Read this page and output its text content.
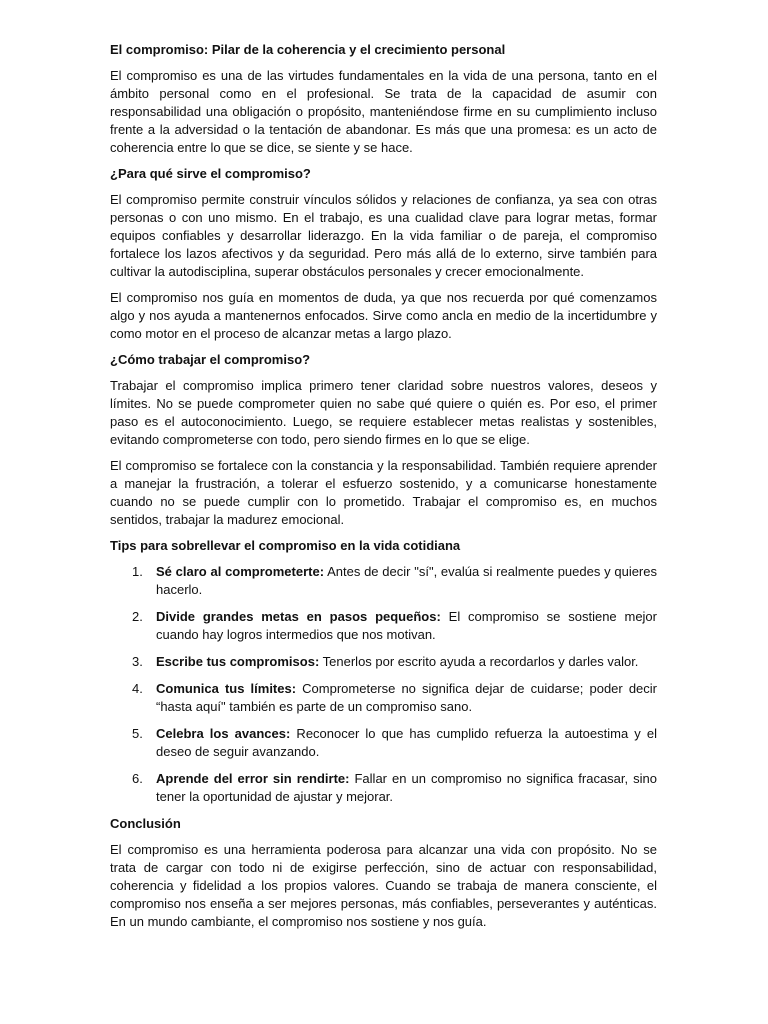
El compromiso: Pilar de la coherencia y el crecimiento personal

El compromiso es una de las virtudes fundamentales en la vida de una persona, tanto en el ámbito personal como en el profesional. Se trata de la capacidad de asumir con responsabilidad una obligación o propósito, manteniéndose firme en su cumplimiento incluso frente a la adversidad o la tentación de abandonar. Es más que una promesa: es un acto de coherencia entre lo que se dice, se siente y se hace.

¿Para qué sirve el compromiso?

El compromiso permite construir vínculos sólidos y relaciones de confianza, ya sea con otras personas o con uno mismo. En el trabajo, es una cualidad clave para lograr metas, formar equipos confiables y desarrollar liderazgo. En la vida familiar o de pareja, el compromiso fortalece los lazos afectivos y da seguridad. Pero más allá de lo externo, sirve también para cultivar la autodisciplina, superar obstáculos personales y crecer emocionalmente.

El compromiso nos guía en momentos de duda, ya que nos recuerda por qué comenzamos algo y nos ayuda a mantenernos enfocados. Sirve como ancla en medio de la incertidumbre y como motor en el proceso de alcanzar metas a largo plazo.

¿Cómo trabajar el compromiso?

Trabajar el compromiso implica primero tener claridad sobre nuestros valores, deseos y límites. No se puede comprometer quien no sabe qué quiere o quién es. Por eso, el primer paso es el autoconocimiento. Luego, se requiere establecer metas realistas y sostenibles, evitando comprometerse con todo, pero siendo firmes en lo que se elige.

El compromiso se fortalece con la constancia y la responsabilidad. También requiere aprender a manejar la frustración, a tolerar el esfuerzo sostenido, y a comunicarse honestamente cuando no se puede cumplir con lo prometido. Trabajar el compromiso es, en muchos sentidos, trabajar la madurez emocional.

Tips para sobrellevar el compromiso en la vida cotidiana
1. Sé claro al comprometerte: Antes de decir "sí", evalúa si realmente puedes y quieres hacerlo.
2. Divide grandes metas en pasos pequeños: El compromiso se sostiene mejor cuando hay logros intermedios que nos motivan.
3. Escribe tus compromisos: Tenerlos por escrito ayuda a recordarlos y darles valor.
4. Comunica tus límites: Comprometerse no significa dejar de cuidarse; poder decir “hasta aquí" también es parte de un compromiso sano.
5. Celebra los avances: Reconocer lo que has cumplido refuerza la autoestima y el deseo de seguir avanzando.
6. Aprende del error sin rendirte: Fallar en un compromiso no significa fracasar, sino tener la oportunidad de ajustar y mejorar.
Conclusión

El compromiso es una herramienta poderosa para alcanzar una vida con propósito. No se trata de cargar con todo ni de exigirse perfección, sino de actuar con responsabilidad, coherencia y fidelidad a los propios valores. Cuando se trabaja de manera consciente, el compromiso nos enseña a ser mejores personas, más confiables, perseverantes y auténticas. En un mundo cambiante, el compromiso nos sostiene y nos guía.
